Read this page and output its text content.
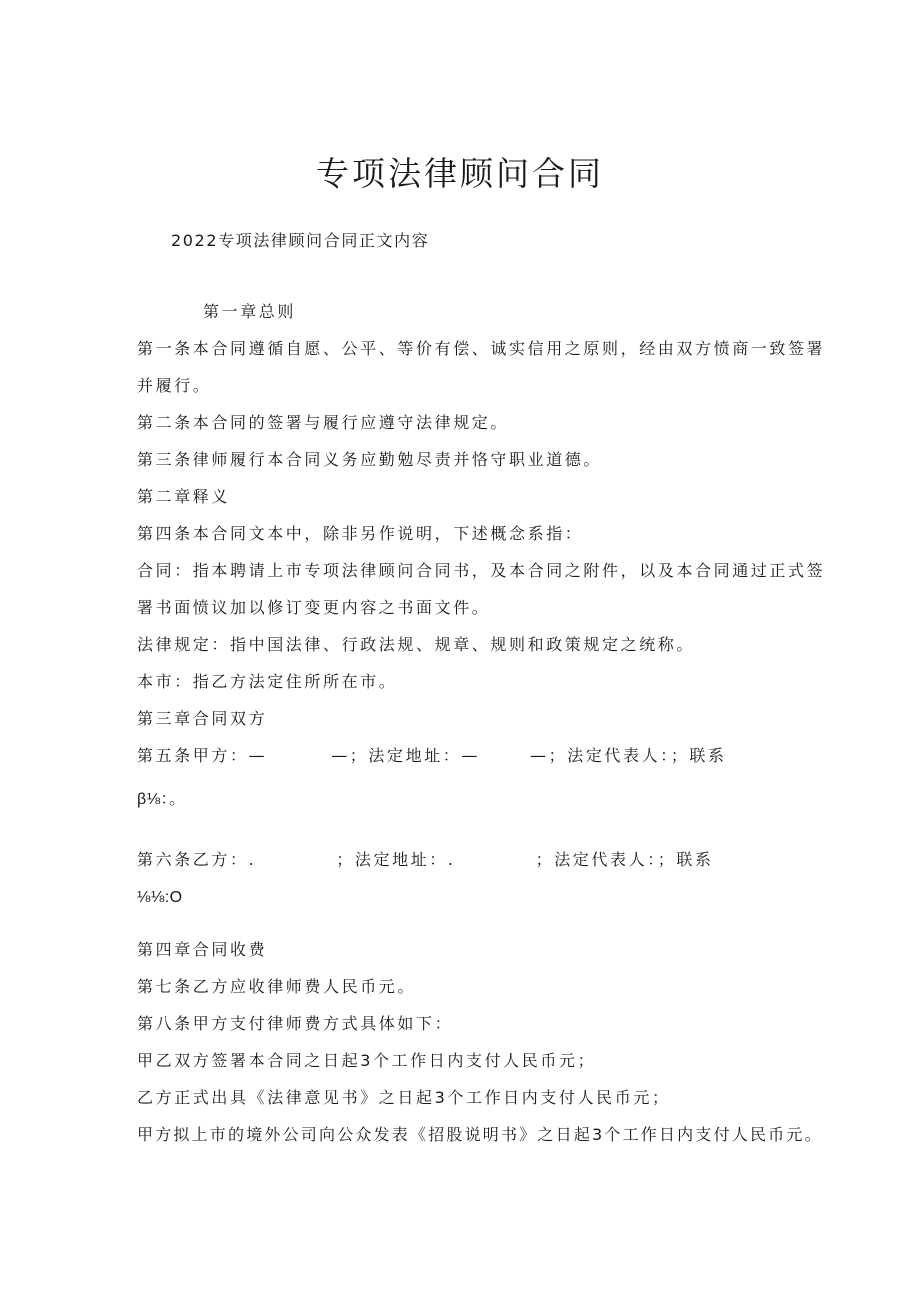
专项法律顾问合同
2022专项法律顾问合同正文内容
第一章总则
第一条本合同遵循自愿、公平、等价有偿、诚实信用之原则，经由双方愤商一致签署
并履行。
第二条本合同的签署与履行应遵守法律规定。
第三条律师履行本合同义务应勤勉尽责并恪守职业道德。
第二章释义
第四条本合同文本中，除非另作说明，下述概念系指：
合同：指本聘请上市专项法律顾问合同书，及本合同之附件，以及本合同通过正式签
署书面愤议加以修订变更内容之书面文件。
法律规定：指中国法律、行政法规、规章、规则和政策规定之统称。
本市：指乙方法定住所所在市。
第三章合同双方
第五条甲方：—	—；法定地址：—	—；法定代表人：；联系
β⅛：。
第六条乙方：.	；法定地址：.	；法定代表人：；联系
⅛⅛:O
第四章合同收费
第七条乙方应收律师费人民币元。
第八条甲方支付律师费方式具体如下：
甲乙双方签署本合同之日起3个工作日内支付人民币元；
乙方正式出具《法律意见书》之日起3个工作日内支付人民币元；
甲方拟上市的境外公司向公众发表《招股说明书》之日起3个工作日内支付人民币元。
